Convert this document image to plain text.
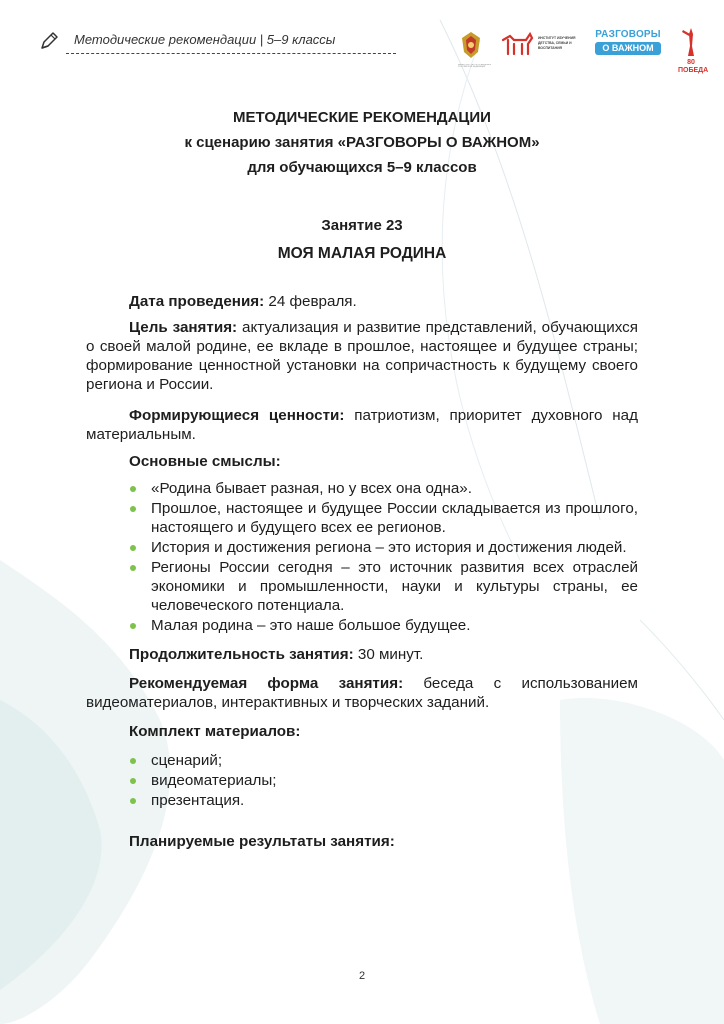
Методические рекомендации | 5–9 классы
МИНИСТЕРСТВО ПРОСВЕЩЕНИЯ РОССИЙСКОЙ ФЕДЕРАЦИИ
ИНСТИТУТ ИЗУЧЕНИЯ ДЕТСТВА, СЕМЬИ И ВОСПИТАНИЯ
РАЗГОВОРЫ
О ВАЖНОМ
80 ПОБЕДА
МЕТОДИЧЕСКИЕ РЕКОМЕНДАЦИИ
к сценарию занятия «РАЗГОВОРЫ О ВАЖНОМ»
для обучающихся 5–9 классов
Занятие 23
МОЯ МАЛАЯ РОДИНА

Дата проведения: 24 февраля.

Цель занятия: актуализация и развитие представлений, обучающихся о своей малой родине, ее вкладе в прошлое, настоящее и будущее страны; формирование ценностной установки на сопричастность к будущему своего региона и России.

Формирующиеся ценности: патриотизм, приоритет духовного над материальным.

Основные смыслы:
«Родина бывает разная, но у всех она одна».
Прошлое, настоящее и будущее России складывается из прошлого, настоящего и будущего всех ее регионов.
История и достижения региона – это история и достижения людей.
Регионы России сегодня – это источник развития всех отраслей экономики и промышленности, науки и культуры страны, ее человеческого потенциала.
Малая родина – это наше большое будущее.

Продолжительность занятия: 30 минут.

Рекомендуемая форма занятия: беседа с использованием видеоматериалов, интерактивных и творческих заданий.

Комплект материалов:
сценарий;
видеоматериалы;
презентация.
Планируемые результаты занятия:
2
